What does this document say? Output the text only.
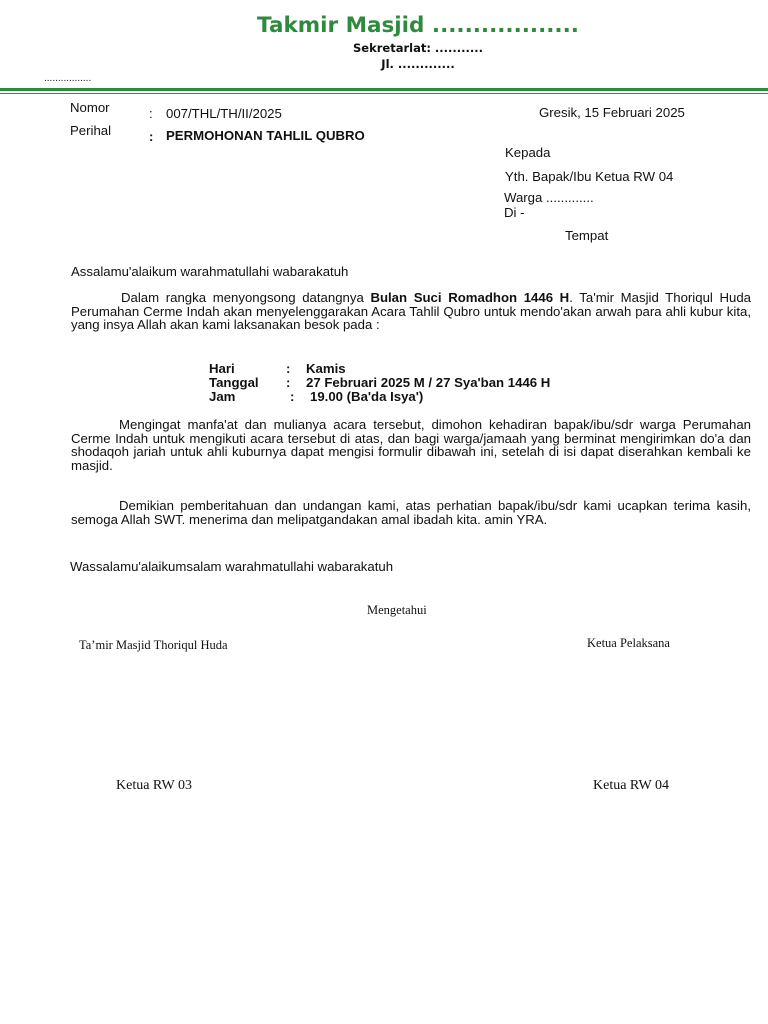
Takmir Masjid ..................
Sekretarlat: ...........
Jl. .............
.................
Nomor	: 007/THL/TH/II/2025	Gresik, 15 Februari 2025
Perihal	: PERMOHONAN TAHLIL QUBRO
Kepada
Yth. Bapak/Ibu Ketua RW 04
Warga .............
Di -
Tempat
Assalamu'alaikum warahmatullahi wabarakatuh
Dalam rangka menyongsong datangnya Bulan Suci Romadhon 1446 H. Ta'mir Masjid Thoriqul Huda Perumahan Cerme Indah akan menyelenggarakan Acara Tahlil Qubro untuk mendo'akan arwah para ahli kubur kita, yang insya Allah akan kami laksanakan besok pada :
Hari	: Kamis
Tanggal : 27 Februari 2025 M / 27 Sya'ban 1446 H
Jam	: 19.00 (Ba'da Isya')
Mengingat manfa'at dan mulianya acara tersebut, dimohon kehadiran bapak/ibu/sdr warga Perumahan Cerme Indah untuk mengikuti acara tersebut di atas, dan bagi warga/jamaah yang berminat mengirimkan do'a dan shodaqoh jariah untuk ahli kuburnya dapat mengisi formulir dibawah ini, setelah di isi dapat diserahkan kembali ke masjid.
Demikian pemberitahuan dan undangan kami, atas perhatian bapak/ibu/sdr kami ucapkan terima kasih, semoga Allah SWT. menerima dan melipatgandakan amal ibadah kita. amin YRA.
Wassalamu'alaikumsalam warahmatullahi wabarakatuh
Mengetahui
Ta’mir Masjid Thoriqul Huda	Ketua Pelaksana
Ketua RW 03	Ketua RW 04
